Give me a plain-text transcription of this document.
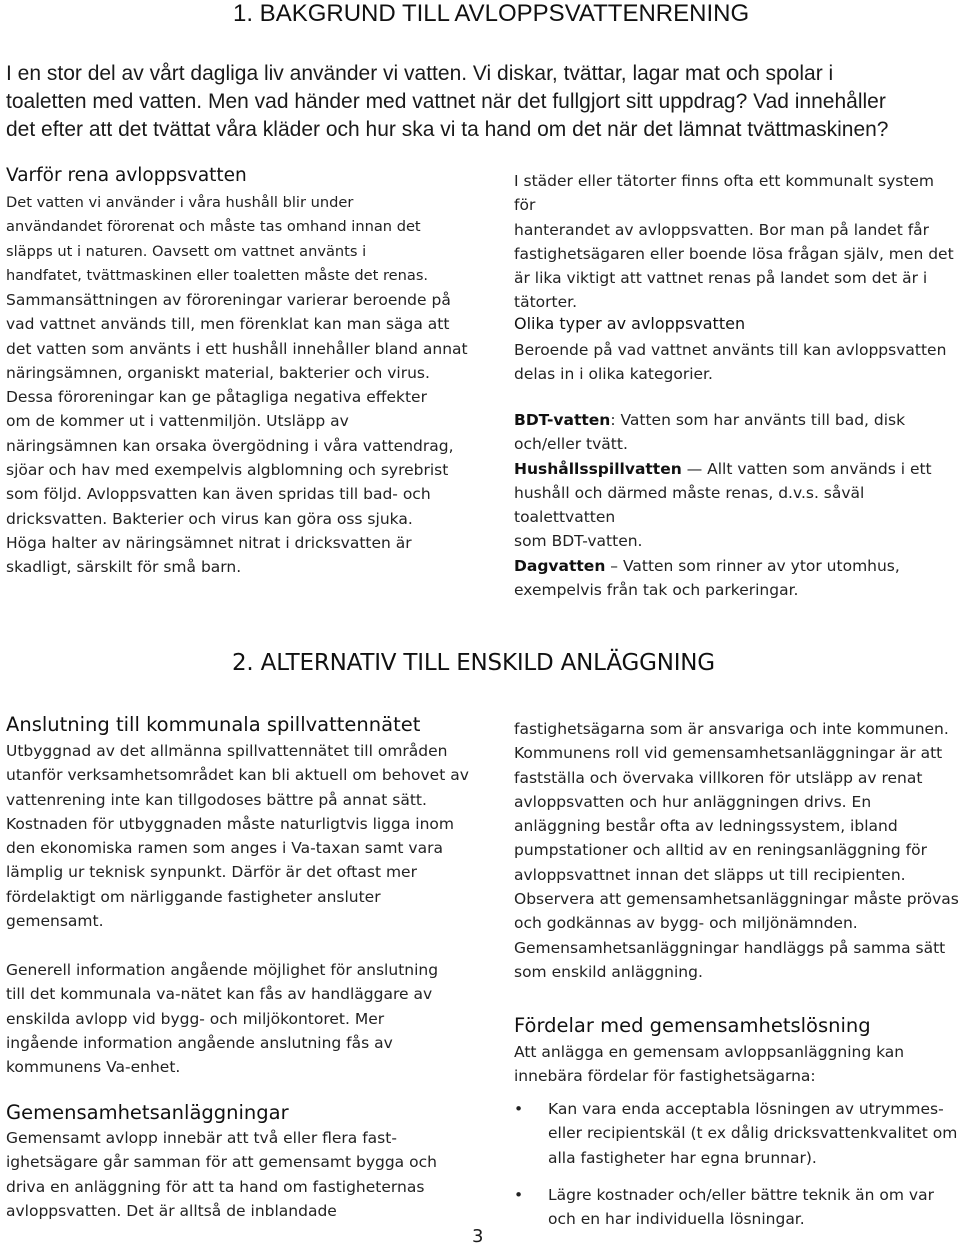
1. BAKGRUND TILL AVLOPPSVATTENRENING

I en stor del av vårt dagliga liv använder vi vatten. Vi diskar, tvättar, lagar mat och spolar i

toaletten med vatten. Men vad händer med vattnet när det fullgjort sitt uppdrag? Vad innehåller

det efter att det tvättat våra kläder och hur ska vi ta hand om det när det lämnat tvättmaskinen?

Varför rena avloppsvatten

Det vatten vi använder i våra hushåll blir under

användandet förorenat och måste tas omhand innan det

släpps ut i naturen. Oavsett om vattnet använts i

handfatet, tvättmaskinen eller toaletten måste det renas.

Sammansättningen av föroreningar varierar beroende på

vad vattnet används till, men förenklat kan man säga att

det vatten som använts i ett hushåll innehåller bland annat

näringsämnen, organiskt material, bakterier och virus.

Dessa föroreningar kan ge påtagliga negativa effekter

om de kommer ut i vattenmiljön. Utsläpp av

näringsämnen kan orsaka övergödning i våra vattendrag,

sjöar och hav med exempelvis algblomning och syrebrist

som följd. Avloppsvatten kan även spridas till bad- och

dricksvatten. Bakterier och virus kan göra oss sjuka.

Höga halter av näringsämnet nitrat i dricksvatten är

skadligt, särskilt för små barn.

I städer eller tätorter finns ofta ett kommunalt system för

hanterandet av avloppsvatten. Bor man på landet får

fastighetsägaren eller boende lösa frågan själv, men det

är lika viktigt att vattnet renas på landet som det är i

tätorter.

Olika typer av avloppsvatten

Beroende på vad vattnet använts till kan avloppsvatten

delas in i olika kategorier.

BDT-vatten: Vatten som har använts till bad, disk

och/eller tvätt.

Hushållsspillvatten — Allt vatten som används i ett

hushåll och därmed måste renas, d.v.s. såväl toalettvatten

som BDT-vatten.

Dagvatten – Vatten som rinner av ytor utomhus,

exempelvis från tak och parkeringar.

2. ALTERNATIV TILL ENSKILD ANLÄGGNING
Anslutning till kommunala spillvattennätet

Utbyggnad av det allmänna spillvattennätet till områden

utanför verksamhetsområdet kan bli aktuell om behovet av

vattenrening inte kan tillgodoses bättre på annat sätt.

Kostnaden för utbyggnaden måste naturligtvis ligga inom

den ekonomiska ramen som anges i Va-taxan samt vara

lämplig ur teknisk synpunkt. Därför är det oftast mer

fördelaktigt om närliggande fastigheter ansluter

gemensamt.

Generell information angående möjlighet för anslutning

till det kommunala va-nätet kan fås av handläggare av

enskilda avlopp vid bygg- och miljökontoret. Mer

ingående information angående anslutning fås av

kommunens Va-enhet.

Gemensamhetsanläggningar

Gemensamt avlopp innebär att två eller flera fast-

ighetsägare går samman för att gemensamt bygga och

driva en anläggning för att ta hand om fastigheternas

avloppsvatten. Det är alltså de inblandade

fastighetsägarna som är ansvariga och inte kommunen.

Kommunens roll vid gemensamhetsanläggningar är att

fastställa och övervaka villkoren för utsläpp av renat

avloppsvatten och hur anläggningen drivs. En

anläggning består ofta av ledningssystem, ibland

pumpstationer och alltid av en reningsanläggning för

avloppsvattnet innan det släpps ut till recipienten.

Observera att gemensamhetsanläggningar måste prövas

och godkännas av bygg- och miljönämnden.

Gemensamhetsanläggningar handläggs på samma sätt

som enskild anläggning.

Fördelar med gemensamhetslösning

Att anlägga en gemensam avloppsanläggning kan

innebära fördelar för fastighetsägarna:

• Kan vara enda acceptabla lösningen av utrymmes-
eller recipientskäl (t ex dålig dricksvattenkvalitet om
alla fastigheter har egna brunnar).
• Lägre kostnader och/eller bättre teknik än om var
och en har individuella lösningar.
3
